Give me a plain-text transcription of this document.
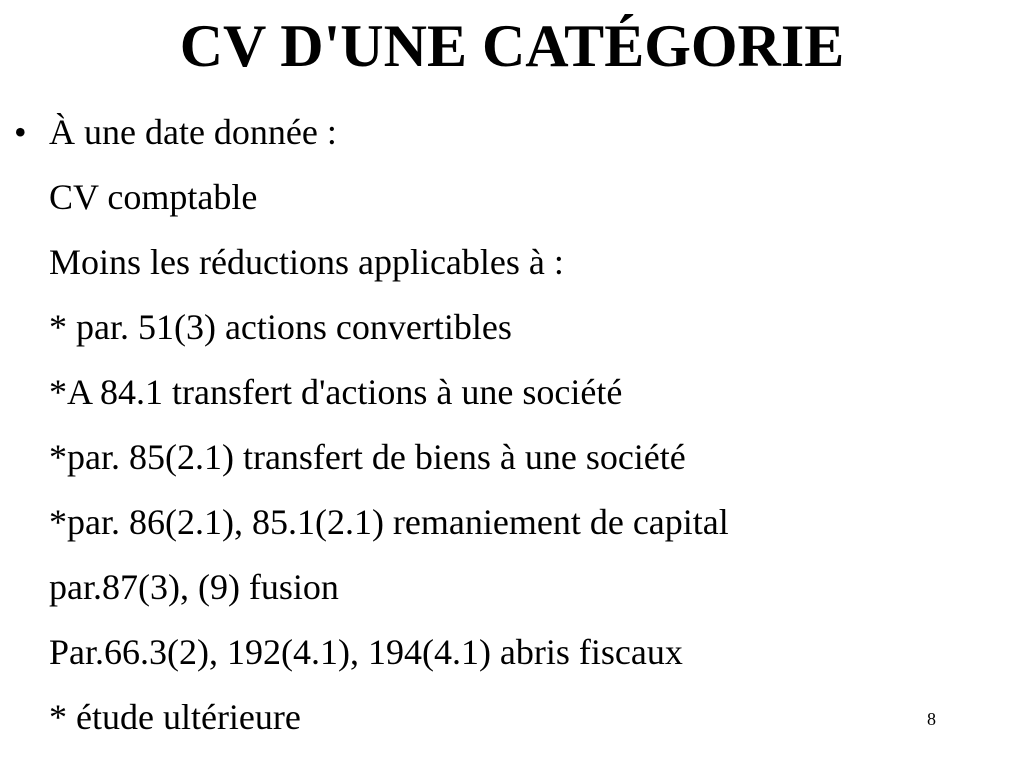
CV D'UNE CATÉGORIE
• À une date donnée :
CV comptable
Moins les réductions applicables à :
* par. 51(3) actions convertibles
*A 84.1 transfert d'actions à une société
*par. 85(2.1) transfert de biens à une société
*par. 86(2.1), 85.1(2.1) remaniement de capital
par.87(3), (9) fusion
Par.66.3(2), 192(4.1), 194(4.1) abris fiscaux
* étude ultérieure	8
